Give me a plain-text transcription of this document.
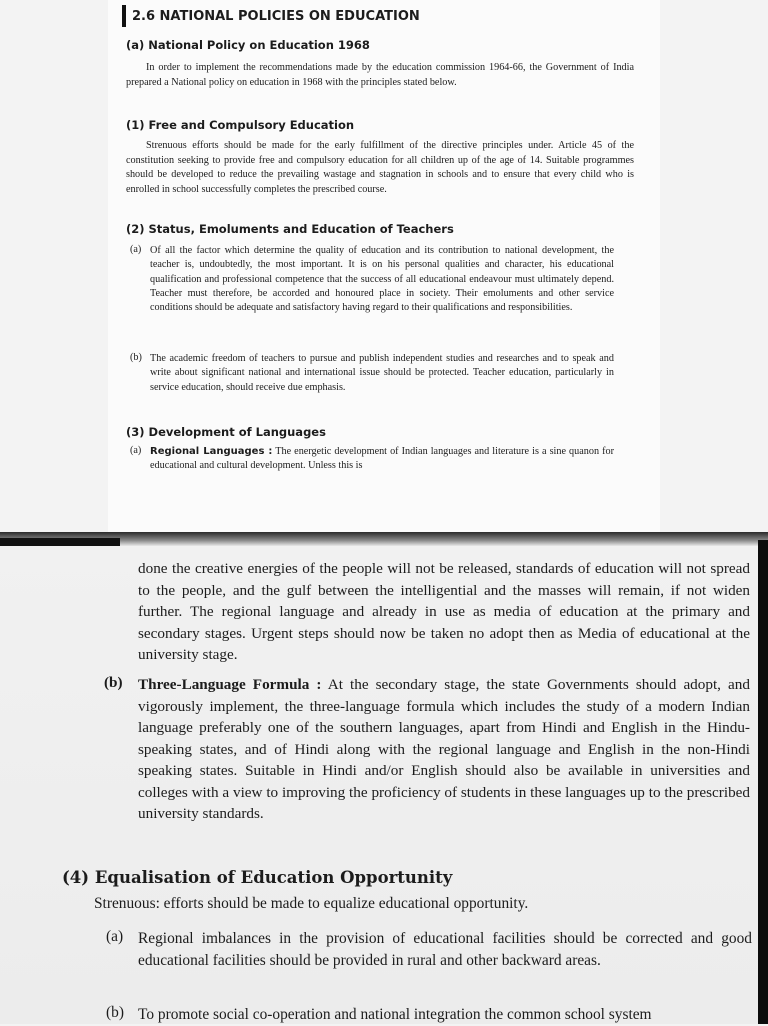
2.6 NATIONAL POLICIES ON EDUCATION

(a) National Policy on Education 1968

In order to implement the recommendations made by the education commission 1964-66, the Government of India prepared a National policy on education in 1968 with the principles stated below.

(1) Free and Compulsory Education

Strenuous efforts should be made for the early fulfillment of the directive principles under. Article 45 of the constitution seeking to provide free and compulsory education for all children up of the age of 14. Suitable programmes should be developed to reduce the prevailing wastage and stagnation in schools and to ensure that every child who is enrolled in school successfully completes the prescribed course.

(2) Status, Emoluments and Education of Teachers

(a) Of all the factor which determine the quality of education and its contribution to national development, the teacher is, undoubtedly, the most important. It is on his personal qualities and character, his educational qualification and professional competence that the success of all educational endeavour must ultimately depend. Teacher must therefore, be accorded and honoured place in society. Their emoluments and other service conditions should be adequate and satisfactory having regard to their qualifications and responsibilities.
(b) The academic freedom of teachers to pursue and publish independent studies and researches and to speak and write about significant national and international issue should be protected. Teacher education, particularly in service education, should receive due emphasis.
(3) Development of Languages
(a) Regional Languages : The energetic development of Indian languages and literature is a sine quanon for educational and cultural development. Unless this is
done the creative energies of the people will not be released, standards of education will not spread to the people, and the gulf between the intelligential and the masses will remain, if not widen further. The regional language and already in use as media of education at the primary and secondary stages. Urgent steps should now be taken no adopt then as Media of educational at the university stage.
(b) Three-Language Formula : At the secondary stage, the state Governments should adopt, and vigorously implement, the three-language formula which includes the study of a modern Indian language preferably one of the southern languages, apart from Hindi and English in the Hindu-speaking states, and of Hindi along with the regional language and English in the non-Hindi speaking states. Suitable in Hindi and/or English should also be available in universities and colleges with a view to improving the proficiency of students in these languages up to the prescribed university standards.
(4) Equalisation of Education Opportunity
Strenuous: efforts should be made to equalize educational opportunity.
(a) Regional imbalances in the provision of educational facilities should be corrected and good educational facilities should be provided in rural and other backward areas.
(b) To promote social co-operation and national integration the common school system
